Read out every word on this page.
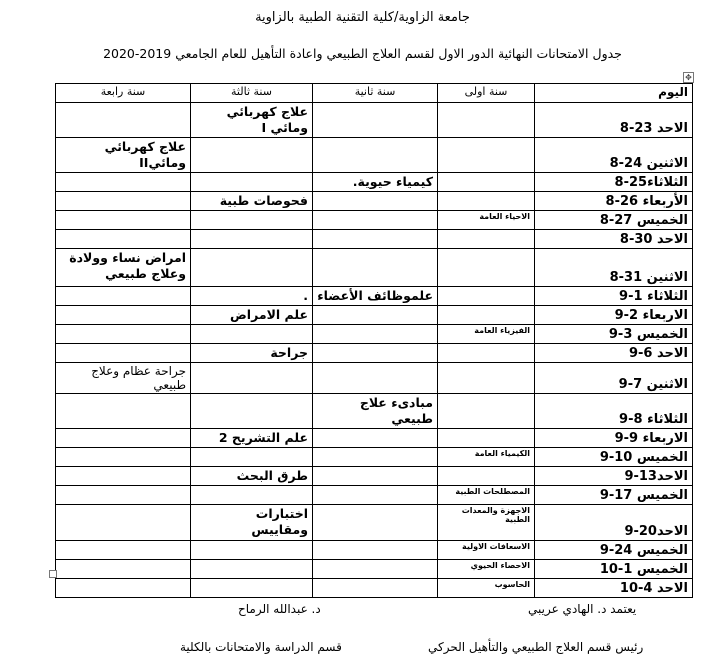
جامعة الزاوية/كلية التقنية الطبية بالزاوية
جدول الامتحانات النهائية الدور الاول لقسم العلاج الطبيعي واعادة التأهيل للعام الجامعي 2019-2020
✥
اليوم	سنة اولى	سنة ثانية	سنة ثالثة	سنة رابعة
الاحد 23-8			علاج كهربائي ومائي I	
الاثنين 24-8				علاج كهربائي ومائيII
الثلاثاء25-8		كيمياء حيوية.		
الأربعاء 26-8			فحوصات طبية	
الخميس 27-8	الاحياء العامة			
الاحد 30-8				
الاثنين 31-8				امراض نساء وولادة وعلاج طبيعي
الثلاثاء 1-9		علموظائف الأعضاء	.	
الاربعاء 2-9			علم الامراض	
الخميس 3-9	الفيزياء العامة			
الاحد 6-9			جراحة	
الاثنين 7-9				جراحة عظام وعلاج طبيعي
الثلاثاء 8-9		مبادىء علاج طبيعي		
الاربعاء 9-9			علم التشريح 2	
الخميس 10-9	الكيمياء العامة			
الاحد13-9			طرق البحث	
الخميس 17-9	المصطلحات الطبية			
الاحد20-9	الاجهزة والمعدات الطبية		اختبارات ومقاييس	
الخميس 24-9	الاسعافات الاولية			
الخميس 1-10	الاحصاء الحيوي			
الاحد 4-10	الحاسوب			
يعتمد د. الهادي عريبي
د. عبدالله الرماح
رئيس قسم العلاج الطبيعي والتأهيل الحركي
قسم الدراسة والامتحانات بالكلية
